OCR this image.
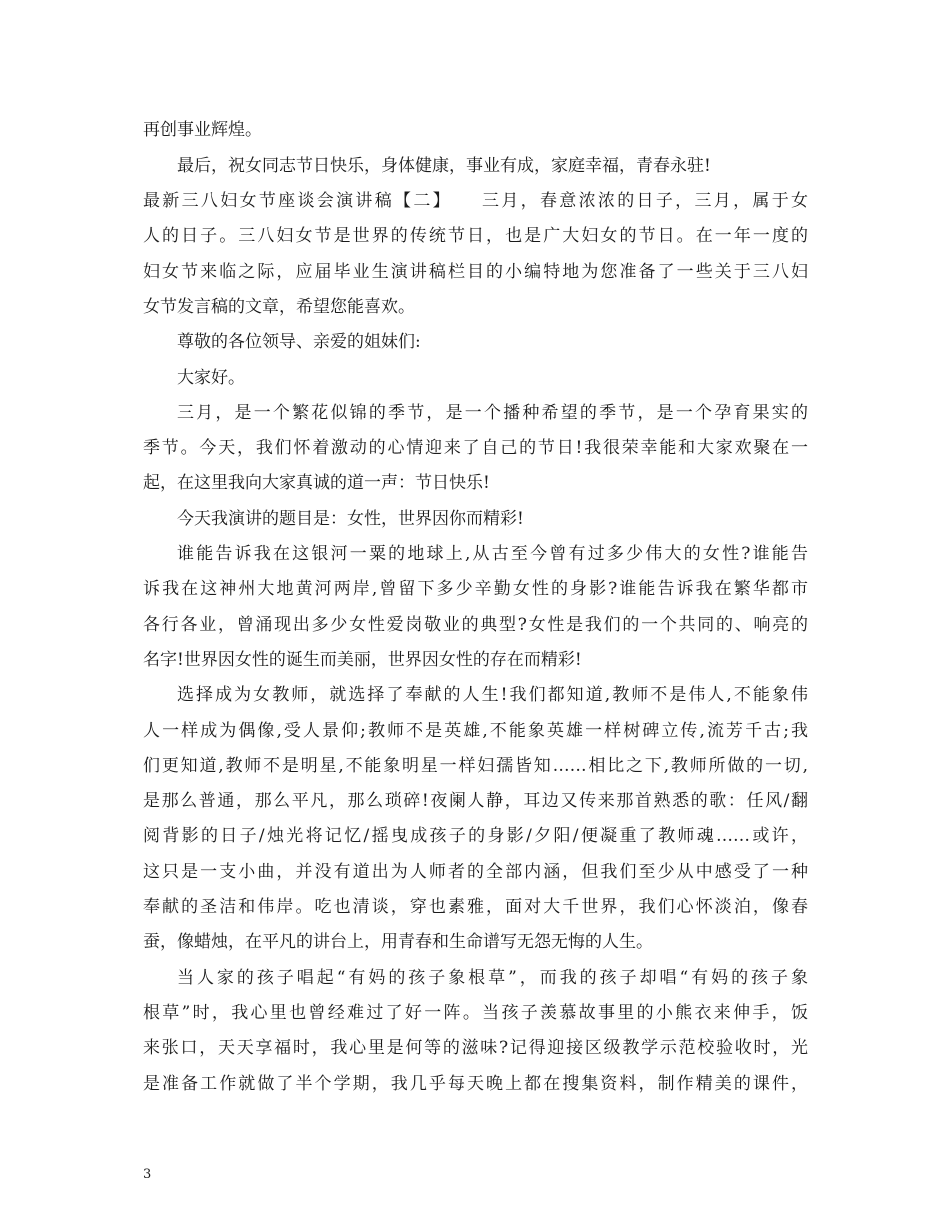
再创事业辉煌。
最后，祝女同志节日快乐，身体健康，事业有成，家庭幸福，青春永驻!
最新三八妇女节座谈会演讲稿【二】　　三月，春意浓浓的日子，三月，属于女
人的日子。三八妇女节是世界的传统节日，也是广大妇女的节日。在一年一度的
妇女节来临之际，应届毕业生演讲稿栏目的小编特地为您准备了一些关于三八妇
女节发言稿的文章，希望您能喜欢。
尊敬的各位领导、亲爱的姐妹们:
大家好。
三月，是一个繁花似锦的季节，是一个播种希望的季节，是一个孕育果实的
季节。今天，我们怀着激动的心情迎来了自己的节日!我很荣幸能和大家欢聚在一
起，在这里我向大家真诚的道一声：节日快乐!
今天我演讲的题目是：女性，世界因你而精彩!
谁能告诉我在这银河一粟的地球上,从古至今曾有过多少伟大的女性?谁能告
诉我在这神州大地黄河两岸,曾留下多少辛勤女性的身影?谁能告诉我在繁华都市
各行各业，曾涌现出多少女性爱岗敬业的典型?女性是我们的一个共同的、响亮的
名字!世界因女性的诞生而美丽，世界因女性的存在而精彩!
选择成为女教师，就选择了奉献的人生!我们都知道,教师不是伟人,不能象伟
人一样成为偶像,受人景仰;教师不是英雄,不能象英雄一样树碑立传,流芳千古;我
们更知道,教师不是明星,不能象明星一样妇孺皆知……相比之下,教师所做的一切,
是那么普通，那么平凡，那么琐碎!夜阑人静，耳边又传来那首熟悉的歌：任风/翻
阅背影的日子/烛光将记忆/摇曳成孩子的身影/夕阳/便凝重了教师魂……或许，
这只是一支小曲，并没有道出为人师者的全部内涵，但我们至少从中感受了一种
奉献的圣洁和伟岸。吃也清谈，穿也素雅，面对大千世界，我们心怀淡泊，像春
蚕，像蜡烛，在平凡的讲台上，用青春和生命谱写无怨无悔的人生。
当人家的孩子唱起“有妈的孩子象根草”，而我的孩子却唱“有妈的孩子象
根草”时，我心里也曾经难过了好一阵。当孩子羡慕故事里的小熊衣来伸手，饭
来张口，天天享福时，我心里是何等的滋味?记得迎接区级教学示范校验收时，光
是准备工作就做了半个学期，我几乎每天晚上都在搜集资料，制作精美的课件，
3
